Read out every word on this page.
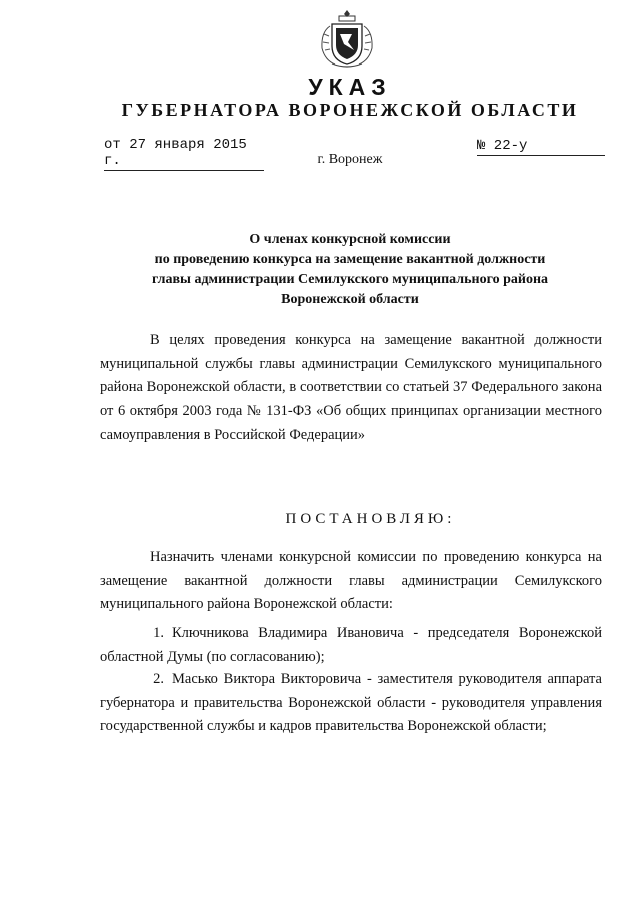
УКАЗ
ГУБЕРНАТОРА ВОРОНЕЖСКОЙ ОБЛАСТИ
от 27 января 2015 г.
№ 22-у
г. Воронеж
О членах конкурсной комиссии
по проведению конкурса на замещение вакантной должности
главы администрации Семилукского муниципального района
Воронежской области
В целях проведения конкурса на замещение вакантной должности муниципальной службы главы администрации Семилукского муниципального района Воронежской области, в соответствии со статьей 37 Федерального закона от 6 октября 2003 года № 131-ФЗ «Об общих принципах организации местного самоуправления в Российской Федерации»
ПОСТАНОВЛЯЮ:
Назначить членами конкурсной комиссии по проведению конкурса на замещение вакантной должности главы администрации Семилукского муниципального района Воронежской области:
1. Ключникова Владимира Ивановича - председателя Воронежской областной Думы (по согласованию);
2. Масько Виктора Викторовича - заместителя руководителя аппарата губернатора и правительства Воронежской области - руководителя управления государственной службы и кадров правительства Воронежской области;
